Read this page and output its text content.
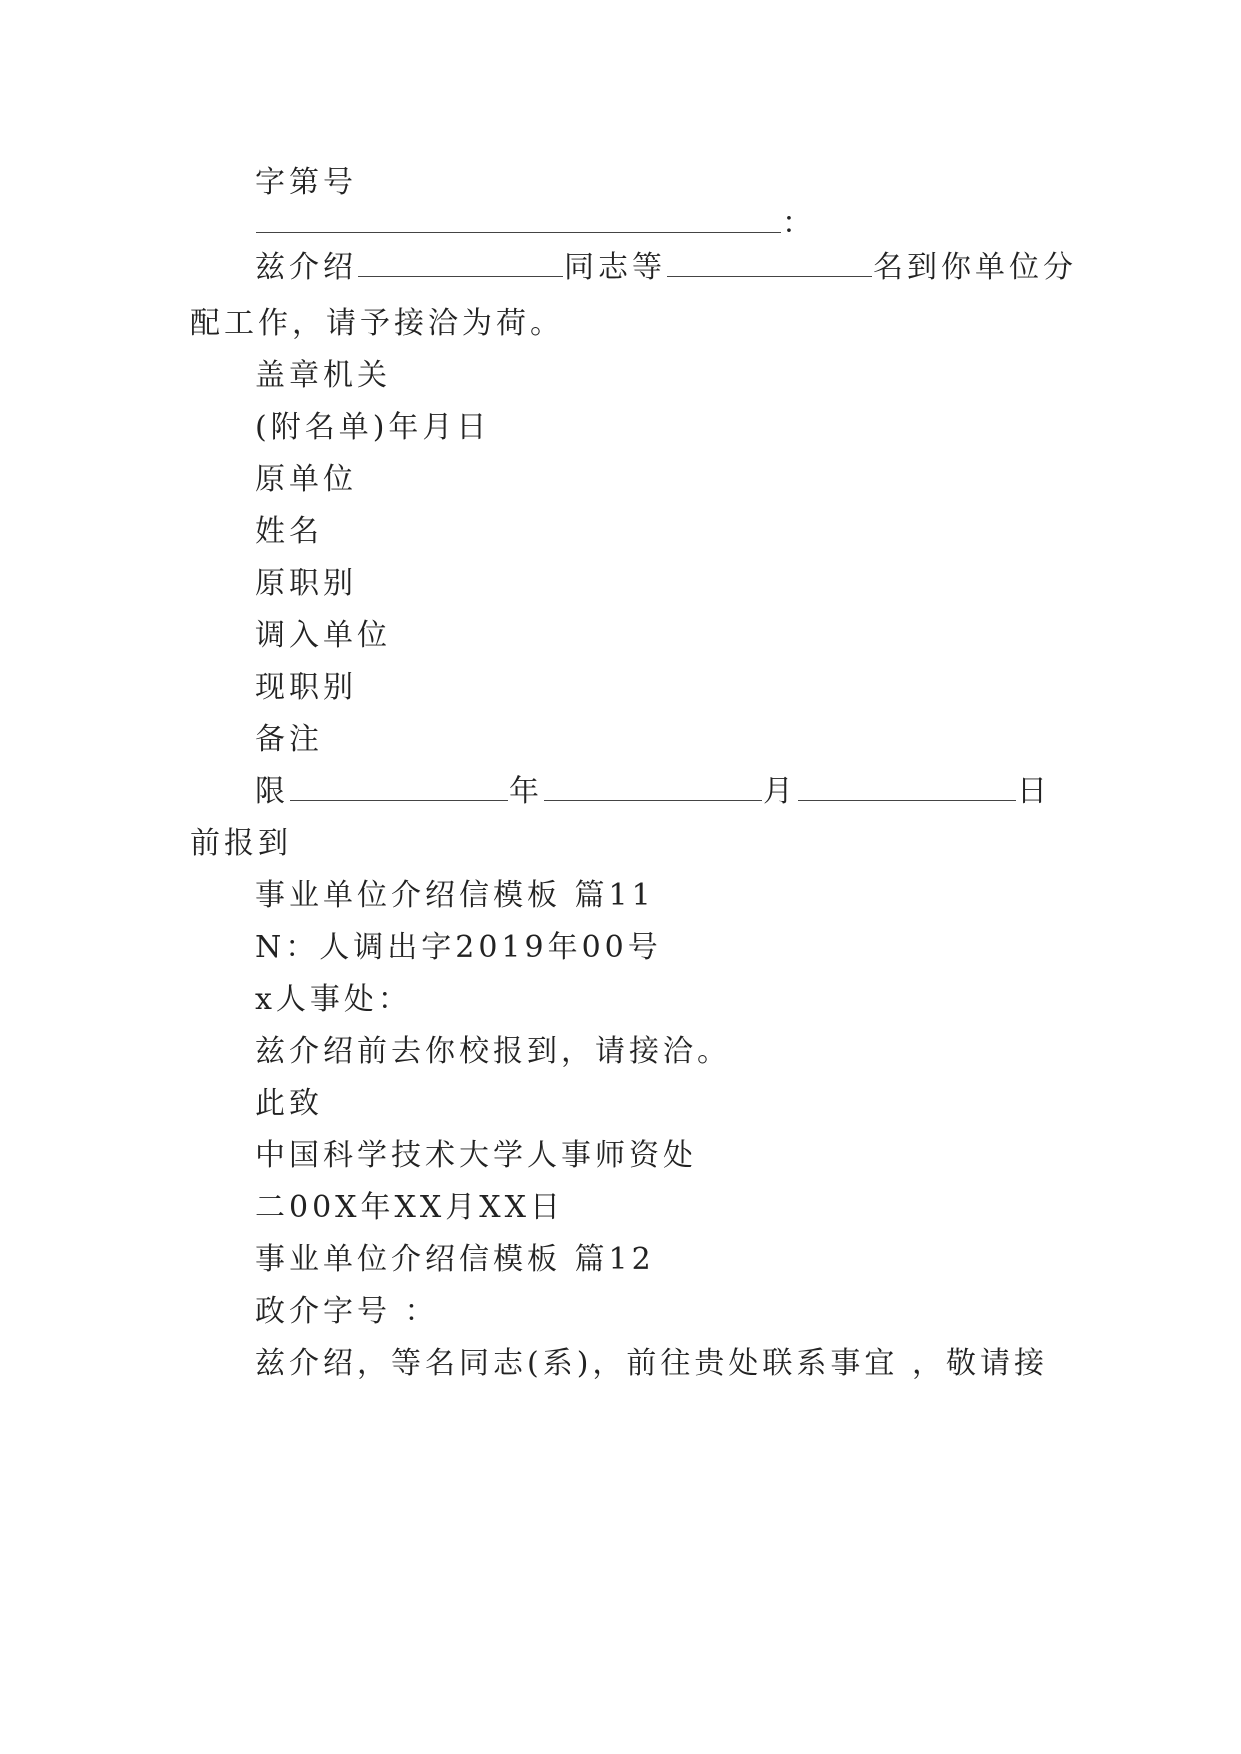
字第号
：
兹介绍	同志等	名到你单位分
配工作，请予接洽为荷。
盖章机关
(附名单)年月日
原单位
姓名
原职别
调入单位
现职别
备注
限	年	月	日
前报到
事业单位介绍信模板 篇11
N：人调出字2019年00号
x人事处：
兹介绍前去你校报到，请接洽。
此致
中国科学技术大学人事师资处
二00X年XX月XX日
事业单位介绍信模板 篇12
政介字号 ：
兹介绍，等名同志(系)，前往贵处联系事宜 ，敬请接
